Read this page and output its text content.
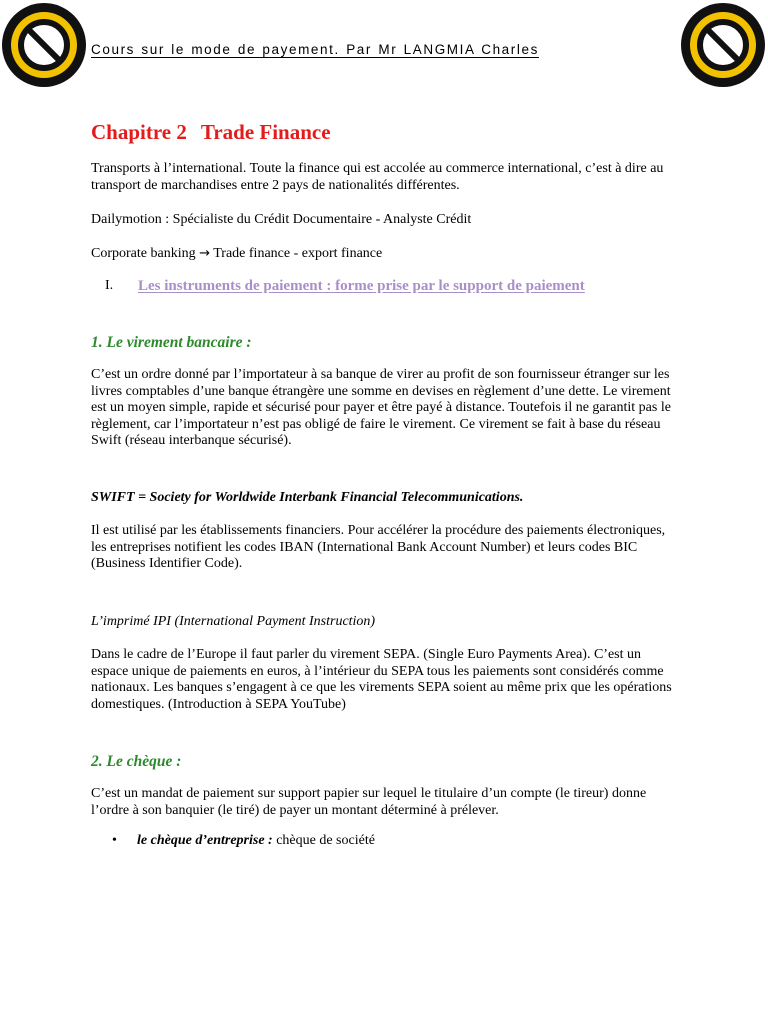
Cours sur le mode de payement. Par Mr LANGMIA Charles
Chapitre 2 Trade Finance

Transports à l’international. Toute la finance qui est accolée au commerce international, c’est à dire au transport de marchandises entre 2 pays de nationalités différentes.

Dailymotion : Spécialiste du Crédit Documentaire - Analyste Crédit

Corporate banking → Trade finance - export finance

I.	Les instruments de paiement : forme prise par le support de paiement
1. Le virement bancaire :

C’est un ordre donné par l’importateur à sa banque de virer au profit de son fournisseur étranger sur les livres comptables d’une banque étrangère une somme en devises en règlement d’une dette. Le virement est un moyen simple, rapide et sécurisé pour payer et être payé à distance. Toutefois il ne garantit pas le règlement, car l’importateur n’est pas obligé de faire le virement. Ce virement se fait à base du réseau Swift (réseau interbanque sécurisé).

SWIFT = Society for Worldwide Interbank Financial Telecommunications.

Il est utilisé par les établissements financiers. Pour accélérer la procédure des paiements électroniques, les entreprises notifient les codes IBAN (International Bank Account Number) et leurs codes BIC (Business Identifier Code).

L’imprimé IPI (International Payment Instruction)

Dans le cadre de l’Europe il faut parler du virement SEPA. (Single Euro Payments Area). C’est un espace unique de paiements en euros, à l’intérieur du SEPA tous les paiements sont considérés comme nationaux. Les banques s’engagent à ce que les virements SEPA soient au même prix que les opérations domestiques. (Introduction à SEPA YouTube)

2. Le chèque :

C’est un mandat de paiement sur support papier sur lequel le titulaire d’un compte (le tireur) donne l’ordre à son banquier (le tiré) de payer un montant déterminé à prélever.

• le chèque d’entreprise : chèque de société
